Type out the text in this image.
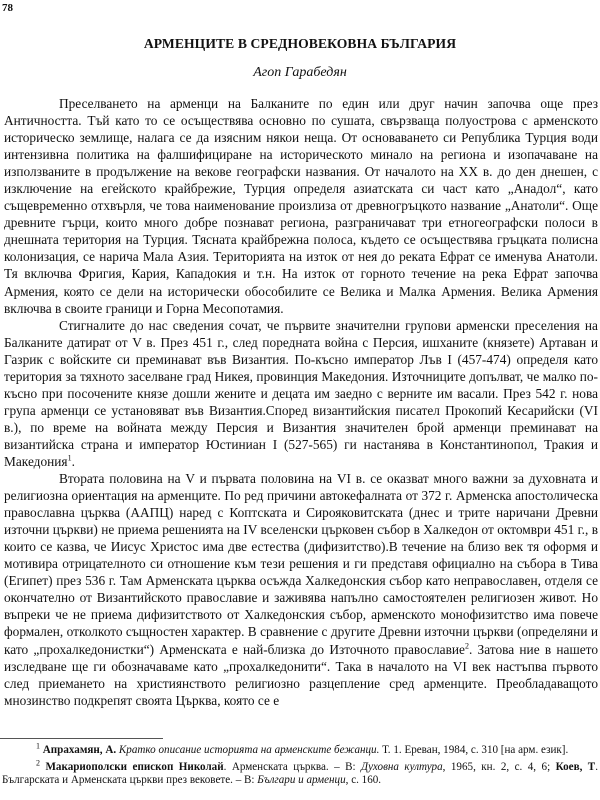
78
АРМЕНЦИТЕ В СРЕДНОВЕКОВНА БЪЛГАРИЯ
Агоп Гарабедян

Преселването на арменци на Балканите по един или друг начин започва още през Античността. Тъй като то се осъществява основно по сушата, свързваща полуострова с арменското историческо землище, налага се да изясним някои неща. От основаването си Република Турция води интензивна политика на фалшифициране на историческото минало на региона и изопачаване на използваните в продължение на векове географски названия. От началото на XX в. до ден днешен, с изключение на егейското крайбрежие, Турция определя азиатската си част като „Анадол“, като същевременно отхвърля, че това наименование произлиза от древногръцкото название „Анатоли“. Още древните гърци, които много добре познават региона, разграничават три етногеографски полоси в днешната територия на Турция. Тясната крайбрежна полоса, където се осъществява гръцката полисна колонизация, се нарича Мала Азия. Територията на изток от нея до реката Ефрат се именува Анатоли. Тя включва Фригия, Кария, Кападокия и т.н. На изток от горното течение на река Ефрат започва Армения, която се дели на исторически обособилите се Велика и Малка Армения. Велика Армения включва в своите граници и Горна Месопотамия.

Стигналите до нас сведения сочат, че първите значителни групови арменски преселения на Балканите датират от V в. През 451 г., след поредната война с Персия, ишханите (князете) Артаван и Газрик с войските си преминават във Византия. По-късно император Лъв I (457-474) определя като територия за тяхното заселване град Никея, провинция Македония. Източниците допълват, че малко по-късно при посочените князе дошли жените и децата им заедно с верните им васали. През 542 г. нова група арменци се установяват във Византия.Според византийския писател Прокопий Кесарийски (VI в.), по време на войната между Персия и Византия значителен брой арменци преминават на византийска страна и император Юстиниан I (527-565) ги настанява в Константинопол, Тракия и Македония$^1$.

Втората половина на V и първата половина на VI в. се оказват много важни за духовната и религиозна ориентация на арменците. По ред причини автокефалната от 372 г. Арменска апостолическа православна църква (ААПЦ) наред с Коптската и Сирояковитската (днес и трите наричани Древни източни църкви) не приема решенията на IV вселенски църковен събор в Халкедон от октомври 451 г., в които се казва, че Иисус Христос има две естества (дифизитство).В течение на близо век тя оформя и мотивира отрицателното си отношение към тези решения и ги представя официално на събора в Тива (Египет) през 536 г. Там Арменската църква осъжда Халкедонския събор като неправославен, отделя се окончателно от Византийското православие и заживява напълно самостоятелен религиозен живот. Но въпреки че не приема дифизитството от Халкедонския събор, арменското монофизитство има повече формален, отколкото същностен характер. В сравнение с другите Древни източни църкви (определяни и като „прохалкедонистки“) Арменската е най-близка до Източното православие$^2$. Затова ние в нашето изследване ще ги обозначаваме като „прохалкедонити“. Така в началото на VI век настъпва първото след приемането на християнството религиозно разцепление сред арменците. Преобладаващото мнозинство подкрепят своята Църква, която се е

$^1$ Апрахамян, А. Кратко описание историята на арменските бежанци. Т. 1. Ереван, 1984, с. 310 [на арм. език].

$^2$ Макариополски епископ Николай. Арменската църква. – В: Духовна култура, 1965, кн. 2, с. 4, 6; Коев, Т. Българската и Арменската църкви през вековете. – В: Българи и арменци, с. 160.
